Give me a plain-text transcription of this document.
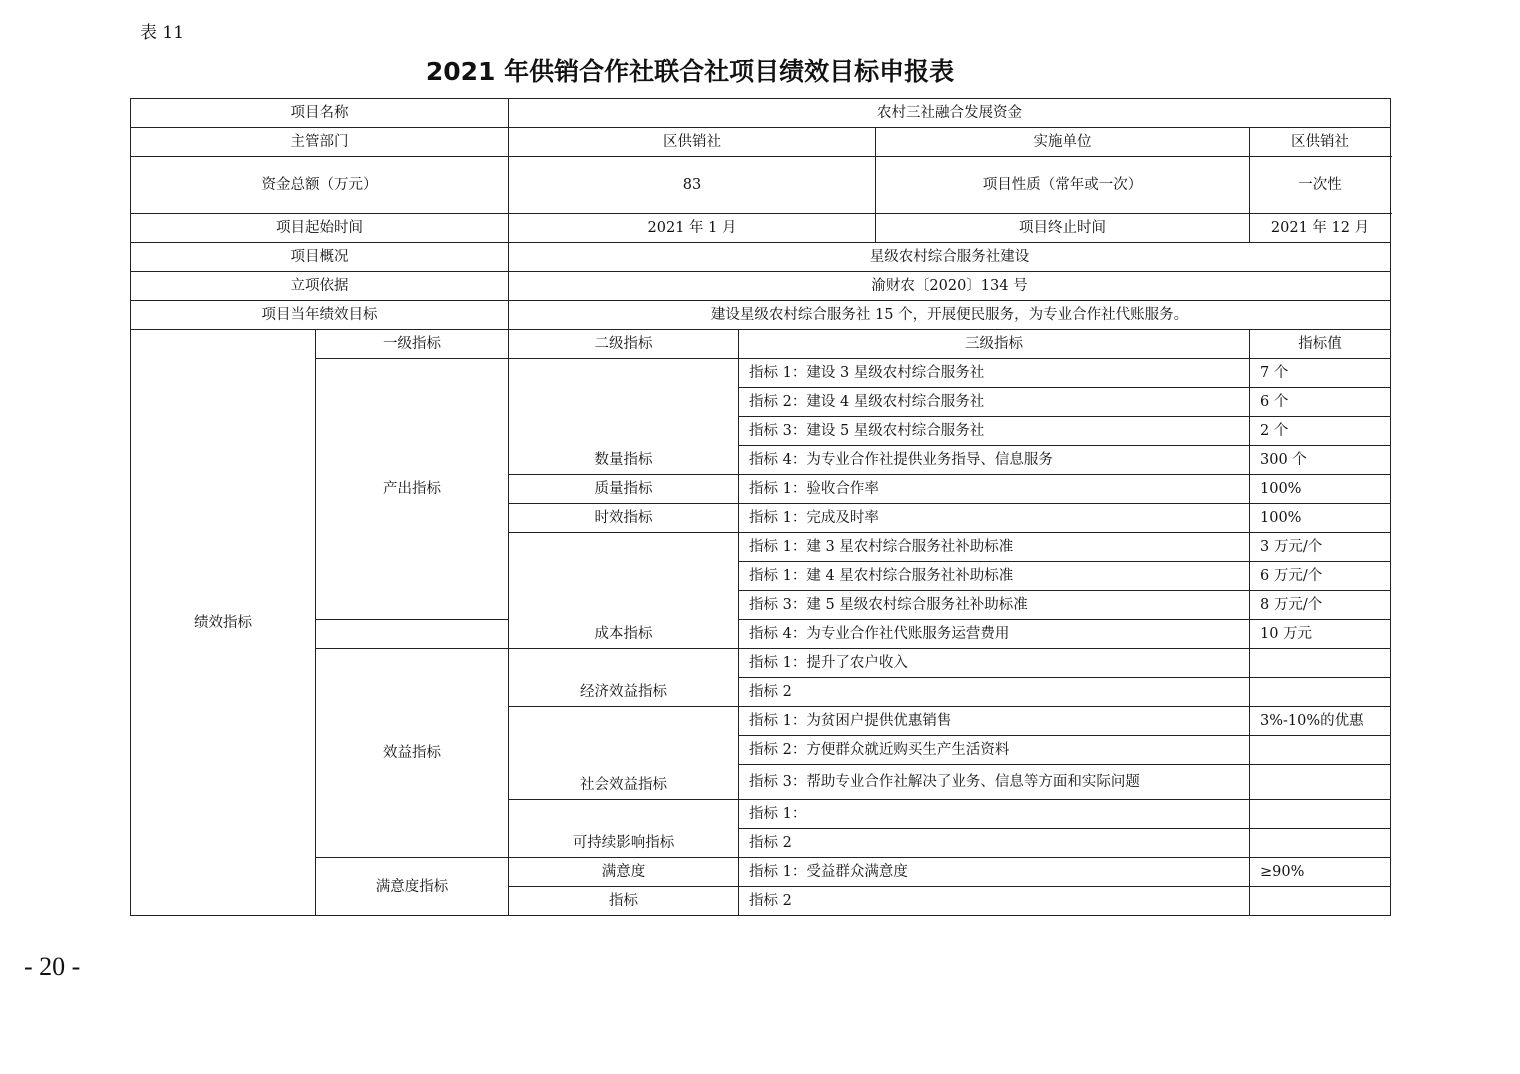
表 11
2021 年供销合作社联合社项目绩效目标申报表
项目名称		农村三社融合发展资金			
主管部门		区供销社		实施单位	区供销社
资金总额（万元）		83		项目性质（常年或一次）	一次性
项目起始时间		2021 年 1 月		项目终止时间	2021 年 12 月
项目概况		星级农村综合服务社建设			
立项依据		渝财农〔2020〕134 号			
项目当年绩效目标		建设星级农村综合服务社 15 个，开展便民服务，为专业合作社代账服务。			
绩效指标	一级指标	二级指标	三级指标		指标值
	产出指标	数量指标	指标 1：建设 3 星级农村综合服务社		7 个
			指标 2：建设 4 星级农村综合服务社		6 个
			指标 3：建设 5 星级农村综合服务社		2 个
			指标 4：为专业合作社提供业务指导、信息服务		300 个
		质量指标	指标 1：验收合作率		100%
		时效指标	指标 1：完成及时率		100%
		成本指标	指标 1：建 3 星农村综合服务社补助标准		3 万元/个
			指标 1：建 4 星农村综合服务社补助标准		6 万元/个
			指标 3：建 5 星级农村综合服务社补助标准		8 万元/个
			指标 4：为专业合作社代账服务运营费用		10 万元
	效益指标	经济效益指标	指标 1：提升了农户收入		
			指标 2		
		社会效益指标	指标 1：为贫困户提供优惠销售		3%-10%的优惠
			指标 2：方便群众就近购买生产生活资料		
			指标 3：帮助专业合作社解决了业务、信息等方面和实际问题		
		可持续影响指标	指标 1：		
			指标 2		
	满意度指标	满意度	指标 1：受益群众满意度		≥90%
		指标	指标 2		
- 20 -
